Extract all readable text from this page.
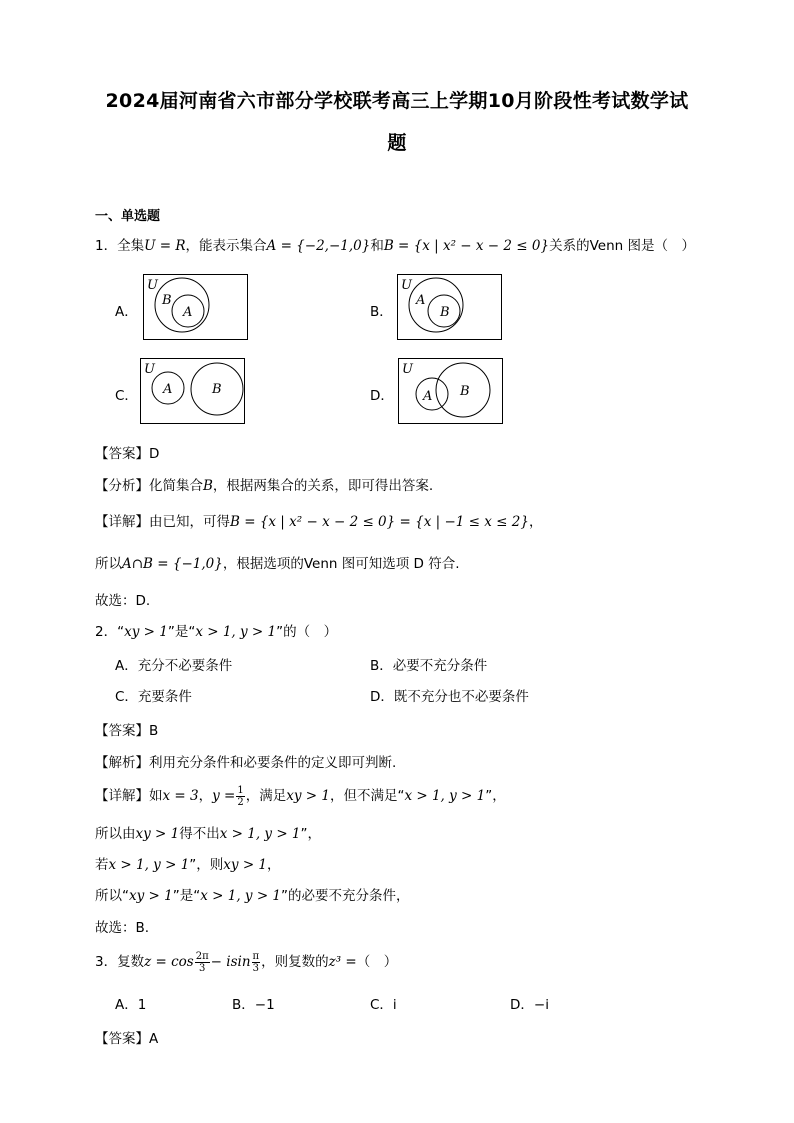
2024届河南省六市部分学校联考高三上学期10月阶段性考试数学试
题
一、单选题
1．全集U = R，能表示集合A = {−2,−1,0}和B = {x | x² − x − 2 ≤ 0}关系的Venn 图是（　）
A．	B．
C．	D．
U
B
A
U
A
B
U
A	B
U
A B
【答案】D
【分析】化简集合B，根据两集合的关系，即可得出答案.
【详解】由已知，可得B = {x | x² − x − 2 ≤ 0} = {x | −1 ≤ x ≤ 2}，
所以A∩B = {−1,0}，根据选项的Venn 图可知选项 D 符合.
故选：D.
2．“xy > 1”是“x > 1, y > 1”的（　）
A．充分不必要条件	B．必要不充分条件
C．充要条件	D．既不充分也不必要条件
【答案】B
【解析】利用充分条件和必要条件的定义即可判断.
【详解】如x = 3，$y = \frac{1}{2}$ ，满足xy > 1，但不满足“x > 1, y > 1”，
所以由xy > 1得不出x > 1, y > 1”，
若x > 1, y > 1”，则xy > 1，
所以“xy > 1”是“x > 1, y > 1”的必要不充分条件，
故选：B.
3．复数$z = \cos \frac{2\pi}{3} - isin \frac{\pi}{3}$ ，则复数的z³ =（　）
A．1	B．−1	C．i	D．−i
【答案】A
